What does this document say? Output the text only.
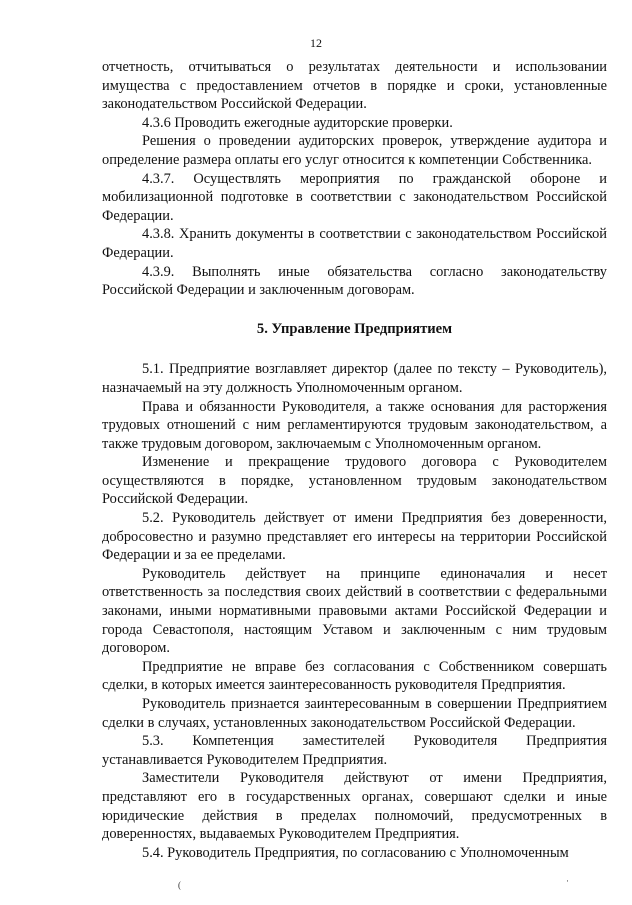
12

отчетность, отчитываться о результатах деятельности и использовании имущества с предоставлением отчетов в порядке и сроки, установленные законодательством Российской Федерации.

4.3.6 Проводить ежегодные аудиторские проверки.

Решения о проведении аудиторских проверок, утверждение аудитора и определение размера оплаты его услуг относится к компетенции Собственника.

4.3.7. Осуществлять мероприятия по гражданской обороне и мобилизационной подготовке в соответствии с законодательством Российской Федерации.

4.3.8. Хранить документы в соответствии с законодательством Российской Федерации.

4.3.9. Выполнять иные обязательства согласно законодательству Российской Федерации и заключенным договорам.

5. Управление Предприятием

5.1. Предприятие возглавляет директор (далее по тексту – Руководитель), назначаемый на эту должность Уполномоченным органом.

Права и обязанности Руководителя, а также основания для расторжения трудовых отношений с ним регламентируются трудовым законодательством, а также трудовым договором, заключаемым с Уполномоченным органом.

Изменение и прекращение трудового договора с Руководителем осуществляются в порядке, установленном трудовым законодательством Российской Федерации.

5.2. Руководитель действует от имени Предприятия без доверенности, добросовестно и разумно представляет его интересы на территории Российской Федерации и за ее пределами.

Руководитель действует на принципе единоначалия и несет ответственность за последствия своих действий в соответствии с федеральными законами, иными нормативными правовыми актами Российской Федерации и города Севастополя, настоящим Уставом и заключенным с ним трудовым договором.

Предприятие не вправе без согласования с Собственником совершать сделки, в которых имеется заинтересованность руководителя Предприятия.

Руководитель признается заинтересованным в совершении Предприятием сделки в случаях, установленных законодательством Российской Федерации.

5.3. Компетенция заместителей Руководителя Предприятия устанавливается Руководителем Предприятия.

Заместители Руководителя действуют от имени Предприятия, представляют его в государственных органах, совершают сделки и иные юридические действия в пределах полномочий, предусмотренных в доверенностях, выдаваемых Руководителем Предприятия.

5.4. Руководитель Предприятия, по согласованию с Уполномоченным

(	·
